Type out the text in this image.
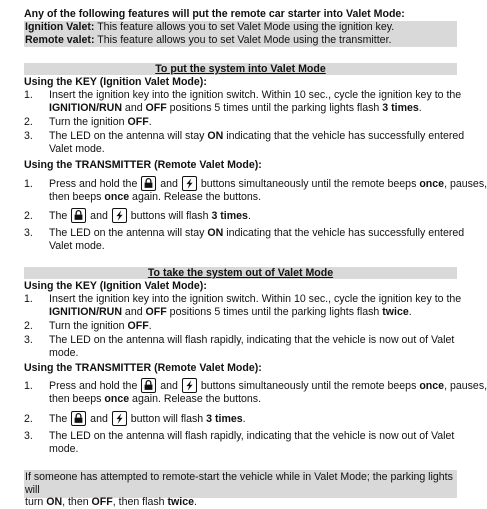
Any of the following features will put the remote car starter into Valet Mode:
Ignition Valet: This feature allows you to set Valet Mode using the ignition key.
Remote valet: This feature allows you to set Valet Mode using the transmitter.
To put the system into Valet Mode
Using the KEY (Ignition Valet Mode):
1. Insert the ignition key into the ignition switch. Within 10 sec., cycle the ignition key to the
IGNITION/RUN and OFF positions 5 times until the parking lights flash 3 times.
2. Turn the ignition OFF.
3. The LED on the antenna will stay ON indicating that the vehicle has successfully entered
Valet mode.
Using the TRANSMITTER (Remote Valet Mode):
1. Press and hold the and buttons simultaneously until the remote beeps once, pauses,
then beeps once again. Release the buttons.
2. The and buttons will flash 3 times.
3. The LED on the antenna will stay ON indicating that the vehicle has successfully entered
Valet mode.
To take the system out of Valet Mode
Using the KEY (Ignition Valet Mode):
1. Insert the ignition key into the ignition switch. Within 10 sec., cycle the ignition key to the
IGNITION/RUN and OFF positions 5 times until the parking lights flash twice.
2. Turn the ignition OFF.
3. The LED on the antenna will flash rapidly, indicating that the vehicle is now out of Valet
mode.
Using the TRANSMITTER (Remote Valet Mode):
1. Press and hold the and buttons simultaneously until the remote beeps once, pauses,
then beeps once again. Release the buttons.
2. The and button will flash 3 times.
3. The LED on the antenna will flash rapidly, indicating that the vehicle is now out of Valet
mode.
If someone has attempted to remote-start the vehicle while in Valet Mode; the parking lights will
turn ON, then OFF, then flash twice.
